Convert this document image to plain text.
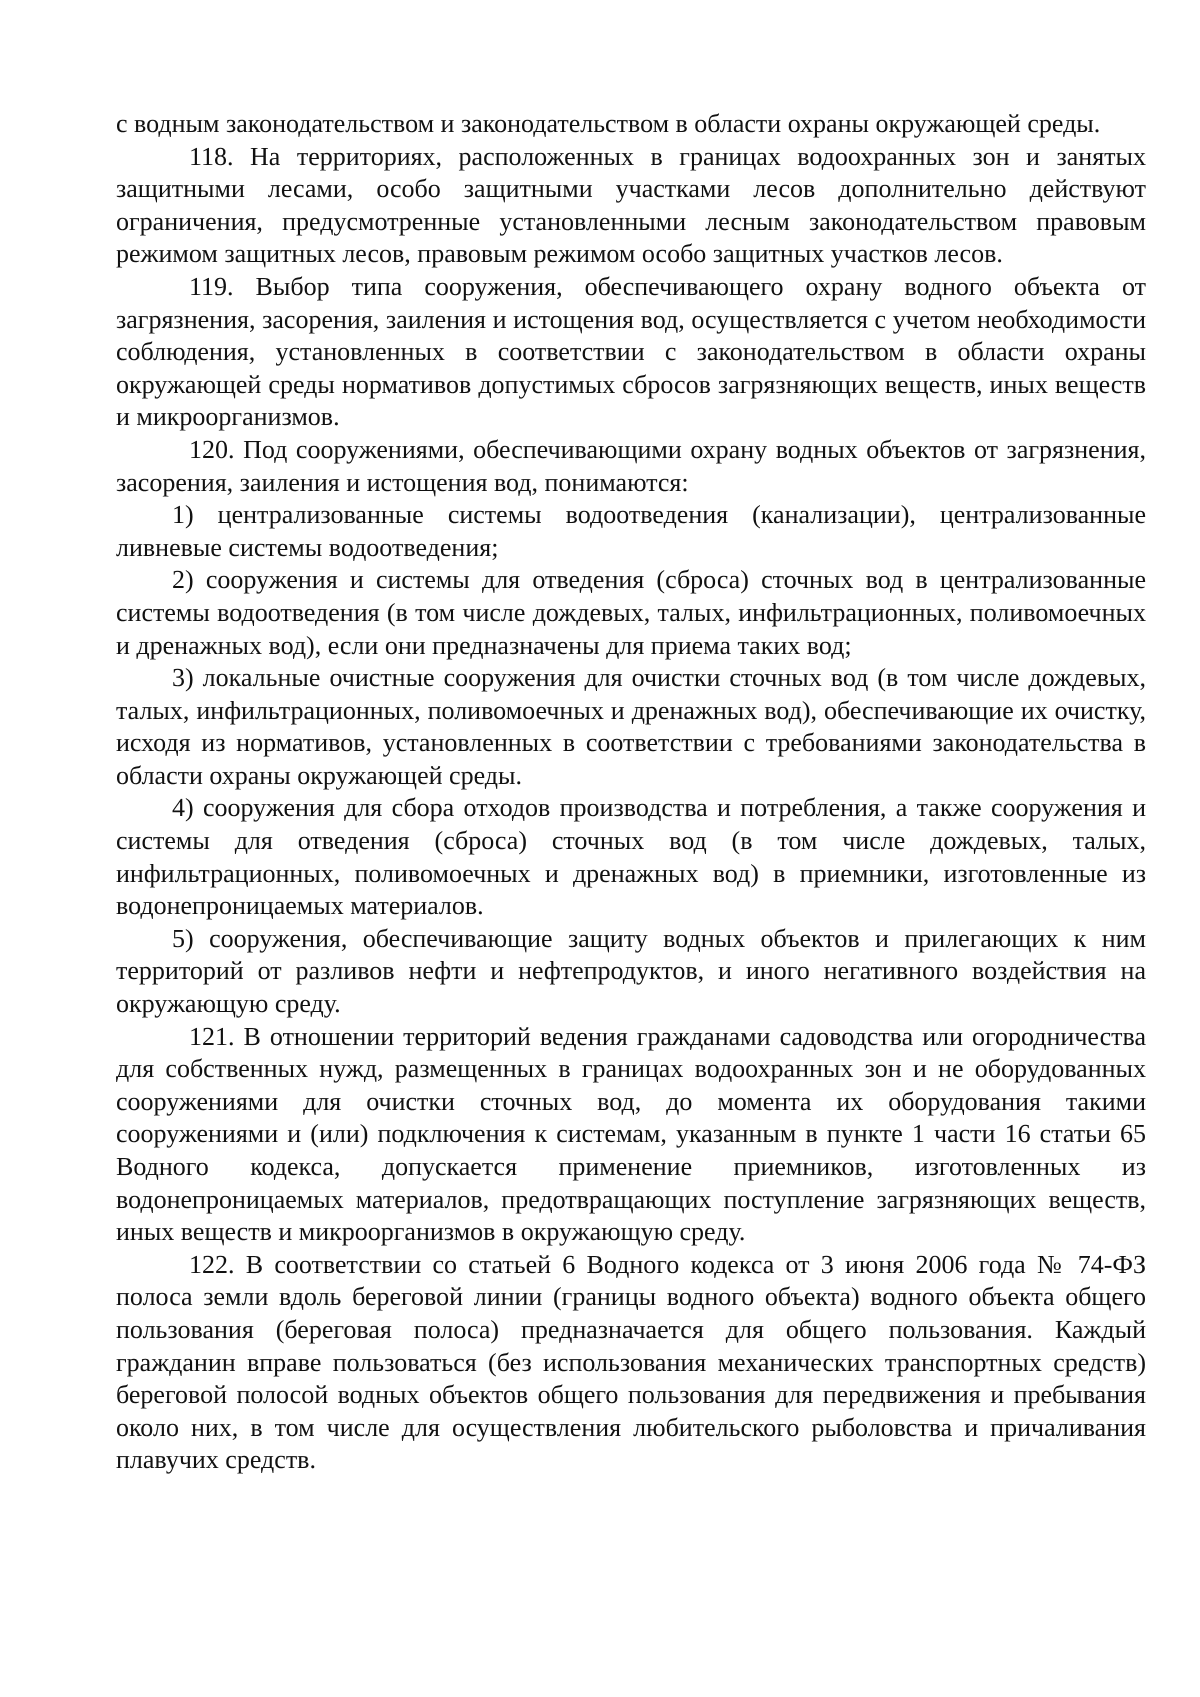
с водным законодательством и законодательством в области охраны окружающей среды.

118. На территориях, расположенных в границах водоохранных зон и занятых защитными лесами, особо защитными участками лесов дополнительно действуют ограничения, предусмотренные установленными лесным законодательством правовым режимом защитных лесов, правовым режимом особо защитных участков лесов.

119. Выбор типа сооружения, обеспечивающего охрану водного объекта от загрязнения, засорения, заиления и истощения вод, осуществляется с учетом необходимости соблюдения, установленных в соответствии с законодательством в области охраны окружающей среды нормативов допустимых сбросов загрязняющих веществ, иных веществ и микроорганизмов.

120. Под сооружениями, обеспечивающими охрану водных объектов от загрязнения, засорения, заиления и истощения вод, понимаются:

1) централизованные системы водоотведения (канализации), централизованные ливневые системы водоотведения;

2) сооружения и системы для отведения (сброса) сточных вод в централизованные системы водоотведения (в том числе дождевых, талых, инфильтрационных, поливомоечных и дренажных вод), если они предназначены для приема таких вод;

3) локальные очистные сооружения для очистки сточных вод (в том числе дождевых, талых, инфильтрационных, поливомоечных и дренажных вод), обеспечивающие их очистку, исходя из нормативов, установленных в соответствии с требованиями законодательства в области охраны окружающей среды.

4) сооружения для сбора отходов производства и потребления, а также сооружения и системы для отведения (сброса) сточных вод (в том числе дождевых, талых, инфильтрационных, поливомоечных и дренажных вод) в приемники, изготовленные из водонепроницаемых материалов.

5) сооружения, обеспечивающие защиту водных объектов и прилегающих к ним территорий от разливов нефти и нефтепродуктов, и иного негативного воздействия на окружающую среду.

121. В отношении территорий ведения гражданами садоводства или огородничества для собственных нужд, размещенных в границах водоохранных зон и не оборудованных сооружениями для очистки сточных вод, до момента их оборудования такими сооружениями и (или) подключения к системам, указанным в пункте 1 части 16 статьи 65 Водного кодекса, допускается применение приемников, изготовленных из водонепроницаемых материалов, предотвращающих поступление загрязняющих веществ, иных веществ и микроорганизмов в окружающую среду.

122. В соответствии со статьей 6 Водного кодекса от 3 июня 2006 года № 74-ФЗ полоса земли вдоль береговой линии (границы водного объекта) водного объекта общего пользования (береговая полоса) предназначается для общего пользования. Каждый гражданин вправе пользоваться (без использования механических транспортных средств) береговой полосой водных объектов общего пользования для передвижения и пребывания около них, в том числе для осуществления любительского рыболовства и причаливания плавучих средств.
